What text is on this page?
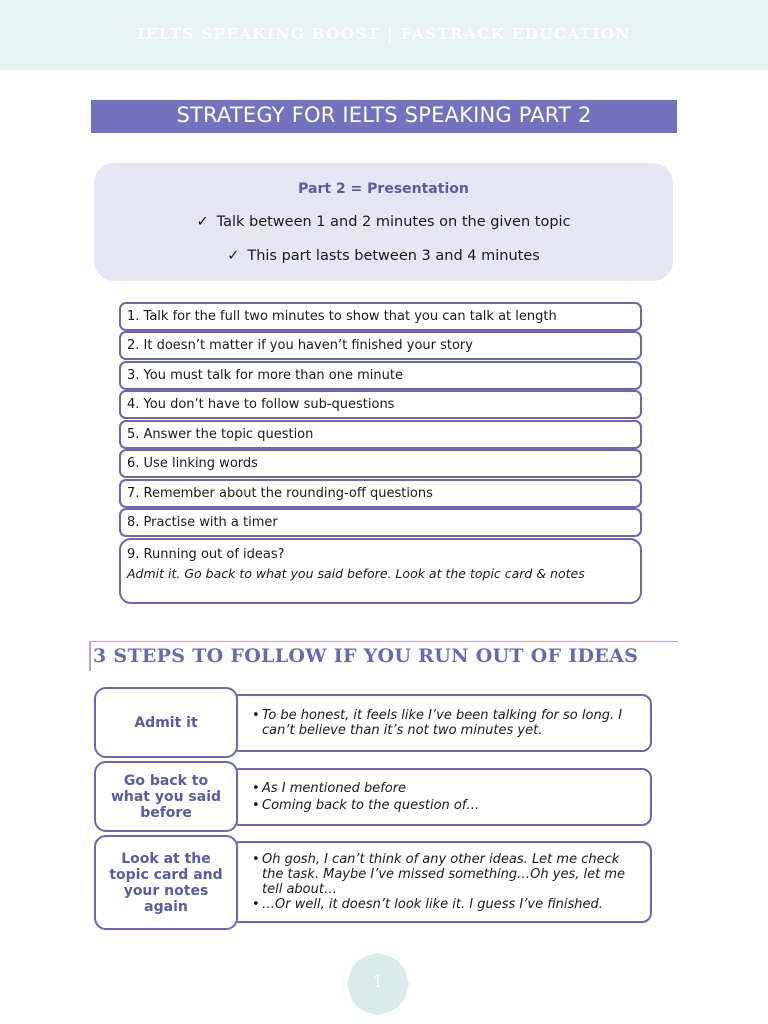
IELTS SPEAKING BOOST | FASTRACK EDUCATION
STRATEGY FOR IELTS SPEAKING PART 2
Part 2 = Presentation
✓ Talk between 1 and 2 minutes on the given topic
✓ This part lasts between 3 and 4 minutes
1. Talk for the full two minutes to show that you can talk at length
2. It doesn’t matter if you haven’t finished your story
3. You must talk for more than one minute
4. You don’t have to follow sub-questions
5. Answer the topic question
6. Use linking words
7. Remember about the rounding-off questions
8. Practise with a timer
9. Running out of ideas?
Admit it. Go back to what you said before. Look at the topic card & notes
3 STEPS TO FOLLOW IF YOU RUN OUT OF IDEAS
Admit it	• To be honest, it feels like I’ve been talking for so long. I can’t believe than it’s not two minutes yet.
Go back to what you said before
• As I mentioned before
• Coming back to the question of…
Look at the topic card and your notes again
• Oh gosh, I can’t think of any other ideas. Let me check the task. Maybe I’ve missed something…Oh yes, let me tell about…
• …Or well, it doesn’t look like it. I guess I’ve finished.
1
